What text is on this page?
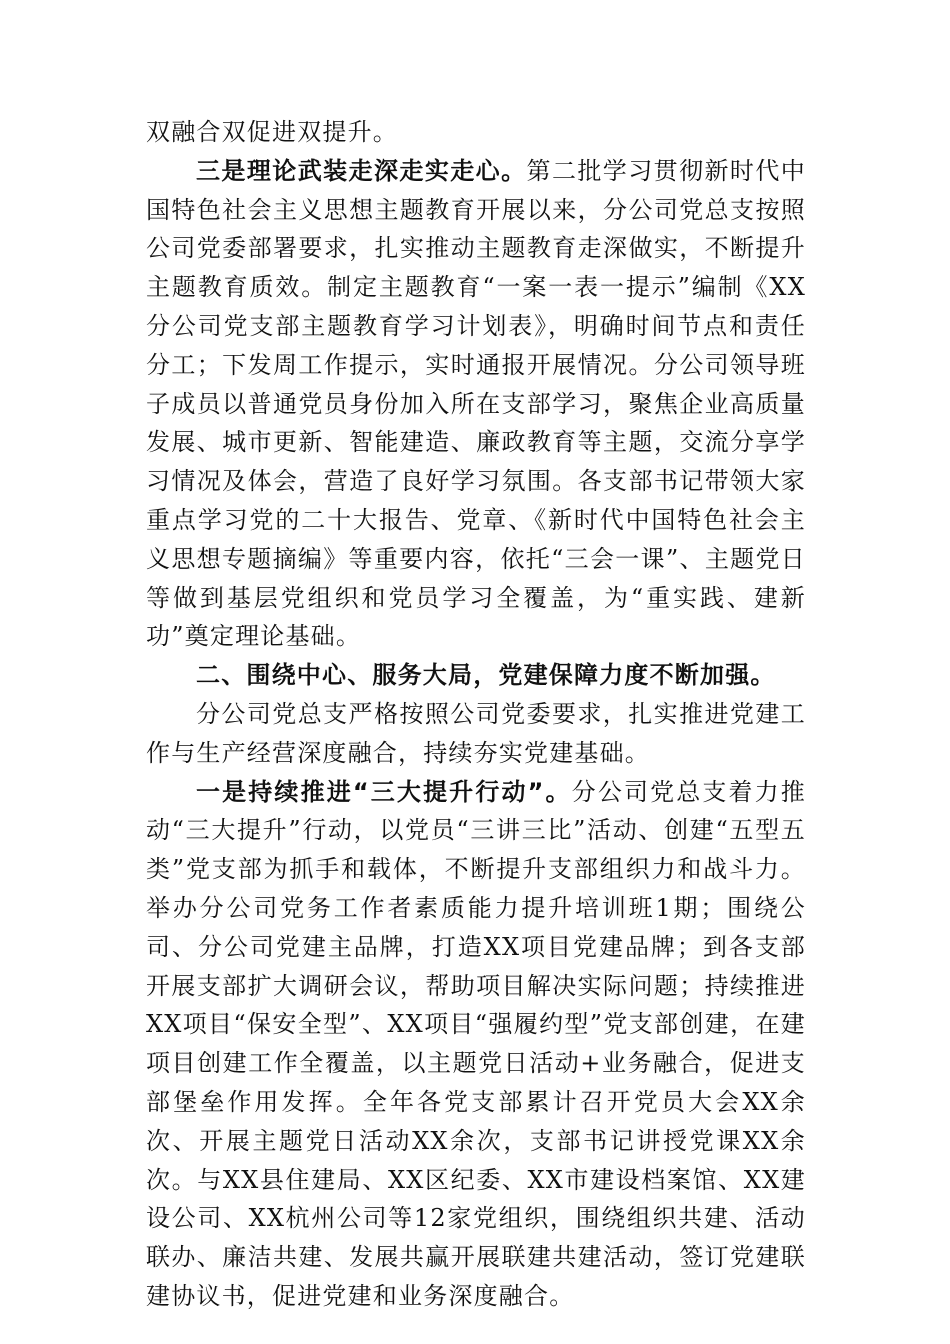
双融合双促进双提升。

三是理论武装走深走实走心。第二批学习贯彻新时代中国特色社会主义思想主题教育开展以来，分公司党总支按照公司党委部署要求，扎实推动主题教育走深做实，不断提升主题教育质效。制定主题教育“一案一表一提示”编制《XX分公司党支部主题教育学习计划表》，明确时间节点和责任分工；下发周工作提示，实时通报开展情况。分公司领导班子成员以普通党员身份加入所在支部学习，聚焦企业高质量发展、城市更新、智能建造、廉政教育等主题，交流分享学习情况及体会，营造了良好学习氛围。各支部书记带领大家重点学习党的二十大报告、党章、《新时代中国特色社会主义思想专题摘编》等重要内容，依托“三会一课”、主题党日等做到基层党组织和党员学习全覆盖，为“重实践、建新功”奠定理论基础。

二、围绕中心、服务大局，党建保障力度不断加强。

分公司党总支严格按照公司党委要求，扎实推进党建工作与生产经营深度融合，持续夯实党建基础。

一是持续推进“三大提升行动”。分公司党总支着力推动“三大提升”行动，以党员“三讲三比”活动、创建“五型五类”党支部为抓手和载体，不断提升支部组织力和战斗力。举办分公司党务工作者素质能力提升培训班1期；围绕公司、分公司党建主品牌，打造XX项目党建品牌；到各支部开展支部扩大调研会议，帮助项目解决实际问题；持续推进XX项目“保安全型”、XX项目“强履约型”党支部创建，在建项目创建工作全覆盖，以主题党日活动+业务融合，促进支部堡垒作用发挥。全年各党支部累计召开党员大会XX余次、开展主题党日活动XX余次，支部书记讲授党课XX余次。与XX县住建局、XX区纪委、XX市建设档案馆、XX建设公司、XX杭州公司等12家党组织，围绕组织共建、活动联办、廉洁共建、发展共赢开展联建共建活动，签订党建联建协议书，促进党建和业务深度融合。
